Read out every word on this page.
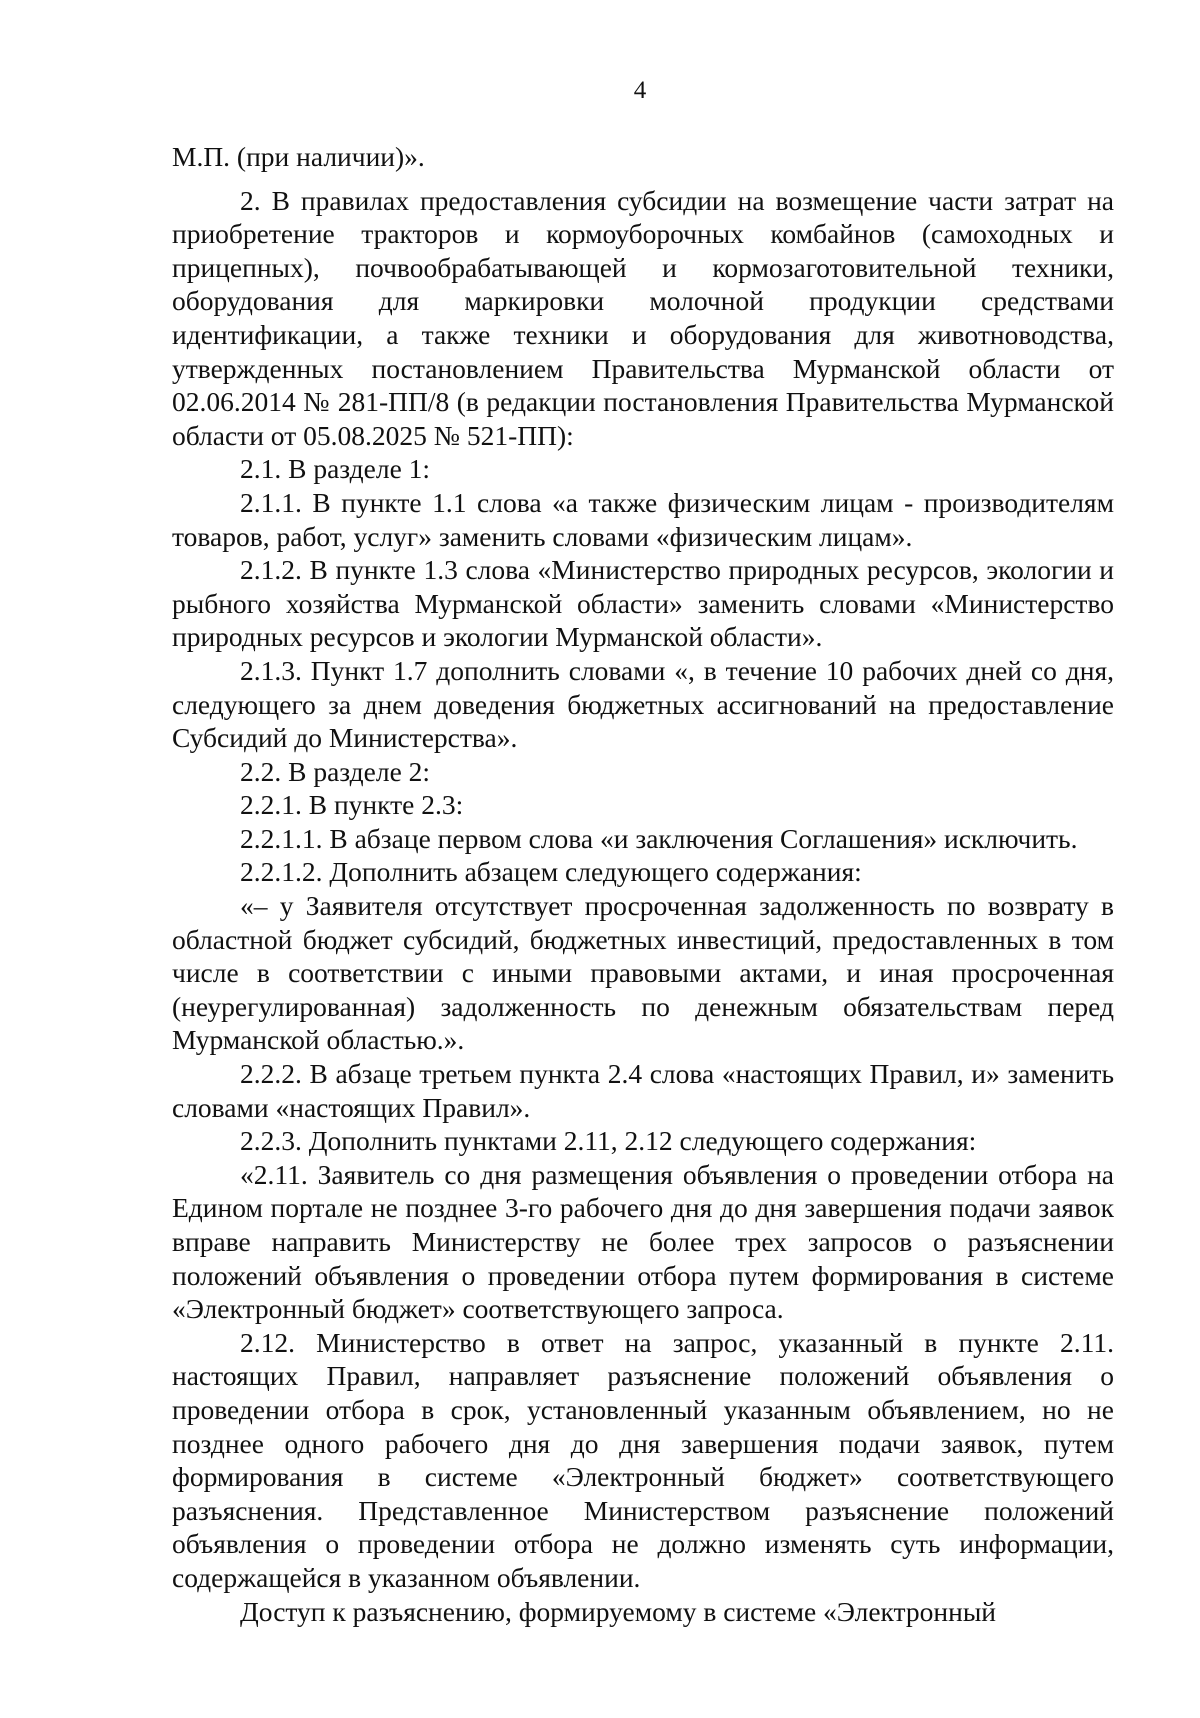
4

М.П. (при наличии)».

2. В правилах предоставления субсидии на возмещение части затрат на приобретение тракторов и кормоуборочных комбайнов (самоходных и прицепных), почвообрабатывающей и кормозаготовительной техники, оборудования для маркировки молочной продукции средствами идентификации, а также техники и оборудования для животноводства, утвержденных постановлением Правительства Мурманской области от 02.06.2014 № 281-ПП/8 (в редакции постановления Правительства Мурманской области от 05.08.2025 № 521-ПП):

2.1. В разделе 1:

2.1.1. В пункте 1.1 слова «а также физическим лицам - производителям товаров, работ, услуг» заменить словами «физическим лицам».

2.1.2. В пункте 1.3 слова «Министерство природных ресурсов, экологии и рыбного хозяйства Мурманской области» заменить словами «Министерство природных ресурсов и экологии Мурманской области».

2.1.3. Пункт 1.7 дополнить словами «, в течение 10 рабочих дней со дня, следующего за днем доведения бюджетных ассигнований на предоставление Субсидий до Министерства».

2.2. В разделе 2:

2.2.1. В пункте 2.3:

2.2.1.1. В абзаце первом слова «и заключения Соглашения» исключить.

2.2.1.2. Дополнить абзацем следующего содержания:

«– у Заявителя отсутствует просроченная задолженность по возврату в областной бюджет субсидий, бюджетных инвестиций, предоставленных в том числе в соответствии с иными правовыми актами, и иная просроченная (неурегулированная) задолженность по денежным обязательствам перед Мурманской областью.».

2.2.2. В абзаце третьем пункта 2.4 слова «настоящих Правил, и» заменить словами «настоящих Правил».

2.2.3. Дополнить пунктами 2.11, 2.12 следующего содержания:

«2.11. Заявитель со дня размещения объявления о проведении отбора на Едином портале не позднее 3-го рабочего дня до дня завершения подачи заявок вправе направить Министерству не более трех запросов о разъяснении положений объявления о проведении отбора путем формирования в системе «Электронный бюджет» соответствующего запроса.

2.12. Министерство в ответ на запрос, указанный в пункте 2.11. настоящих Правил, направляет разъяснение положений объявления о проведении отбора в срок, установленный указанным объявлением, но не позднее одного рабочего дня до дня завершения подачи заявок, путем формирования в системе «Электронный бюджет» соответствующего разъяснения. Представленное Министерством разъяснение положений объявления о проведении отбора не должно изменять суть информации, содержащейся в указанном объявлении.

Доступ к разъяснению, формируемому в системе «Электронный
